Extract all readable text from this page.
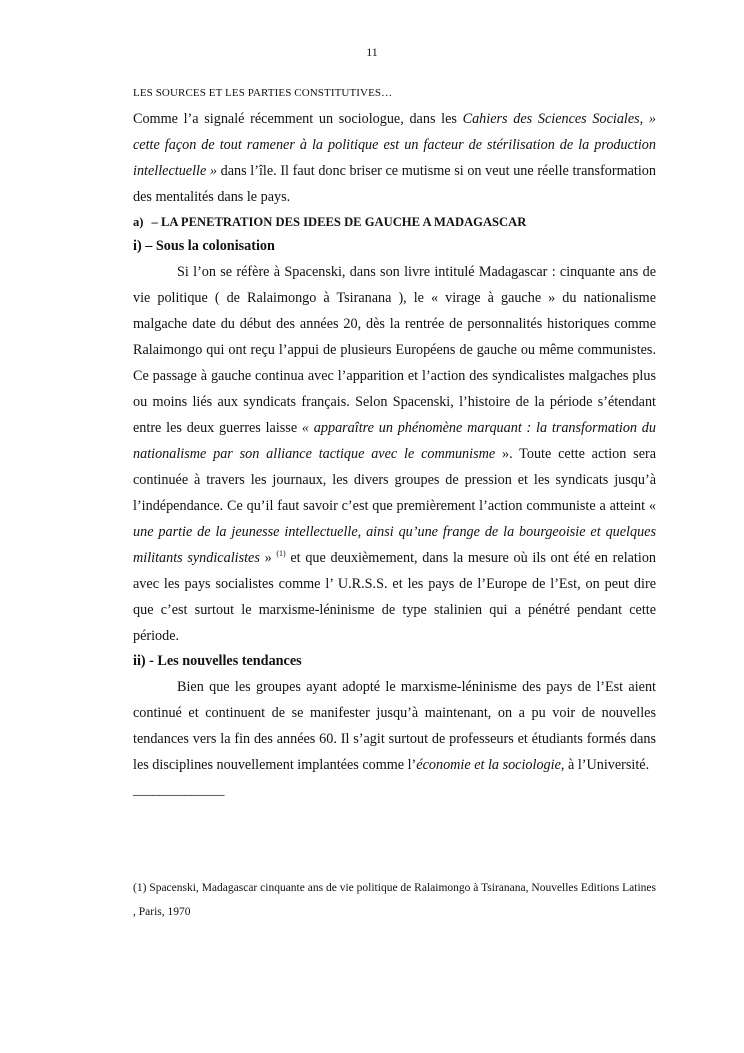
11

LES SOURCES ET LES PARTIES CONSTITUTIVES…

Comme l’a signalé récemment un sociologue, dans les Cahiers des Sciences Sociales, » cette façon de tout ramener à la politique est un facteur de stérilisation de la production intellectuelle » dans l’île. Il faut donc briser ce mutisme si on veut une réelle transformation des mentalités dans le pays.

a) – LA PENETRATION DES IDEES DE GAUCHE A MADAGASCAR

i) – Sous la colonisation

Si l’on se réfère à Spacenski, dans son livre intitulé Madagascar : cinquante ans de vie politique ( de Ralaimongo à Tsiranana ), le « virage à gauche » du nationalisme malgache date du début des années 20, dès la rentrée de personnalités historiques comme Ralaimongo qui ont reçu l’appui de plusieurs Européens de gauche ou même communistes. Ce passage à gauche continua avec l’apparition et l’action des syndicalistes malgaches plus ou moins liés aux syndicats français. Selon Spacenski, l’histoire de la période s’étendant entre les deux guerres laisse « apparaître un phénomène marquant : la transformation du nationalisme par son alliance tactique avec le communisme ». Toute cette action sera continuée à travers les journaux, les divers groupes de pression et les syndicats jusqu’à l’indépendance. Ce qu’il faut savoir c’est que premièrement l’action communiste a atteint « une partie de la jeunesse intellectuelle, ainsi qu’une frange de la bourgeoisie et quelques militants syndicalistes » $^{(1)}$ et que deuxièmement, dans la mesure où ils ont été en relation avec les pays socialistes comme l’ U.R.S.S. et les pays de l’Europe de l’Est, on peut dire que c’est surtout le marxisme-léninisme de type stalinien qui a pénétré pendant cette période.

ii) - Les nouvelles tendances

Bien que les groupes ayant adopté le marxisme-léninisme des pays de l’Est aient continué et continuent de se manifester jusqu’à maintenant, on a pu voir de nouvelles tendances vers la fin des années 60. Il s’agit surtout de professeurs et étudiants formés dans les disciplines nouvellement implantées comme l’économie et la sociologie, à l’Université.

______________

(1) Spacenski, Madagascar cinquante ans de vie politique de Ralaimongo à Tsiranana, Nouvelles Editions Latines , Paris, 1970
